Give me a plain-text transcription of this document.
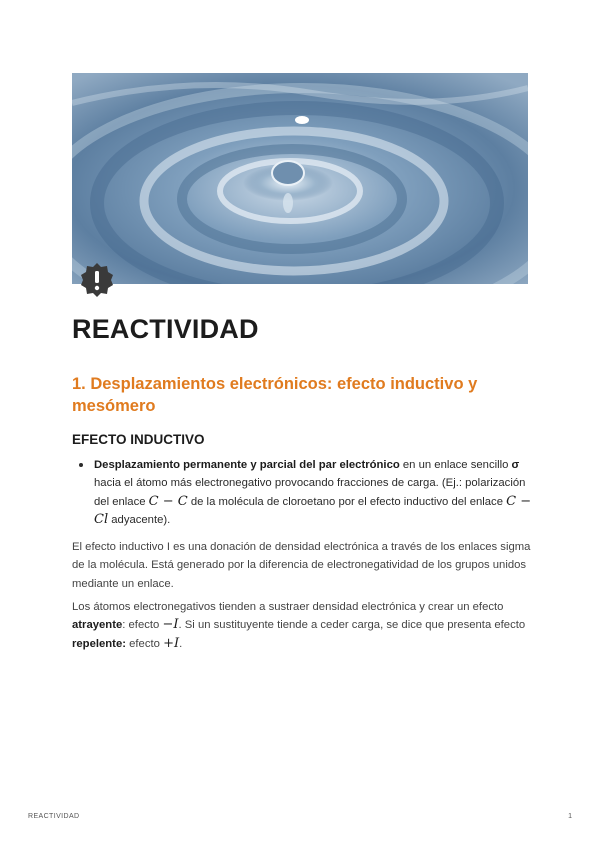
REACTIVIDAD
1. Desplazamientos electrónicos: efecto inductivo y mesómero
EFECTO INDUCTIVO
Desplazamiento permanente y parcial del par electrónico en un enlace sencillo σ hacia el átomo más electronegativo provocando fracciones de carga. (Ej.: polarización del enlace C − C de la molécula de cloroetano por el efecto inductivo del enlace C − Cl adyacente).

El efecto inductivo I es una donación de densidad electrónica a través de los enlaces sigma de la molécula. Está generado por la diferencia de electronegatividad de los grupos unidos mediante un enlace.

Los átomos electronegativos tienden a sustraer densidad electrónica y crear un efecto atrayente: efecto −I. Si un sustituyente tiende a ceder carga, se dice que presenta efecto repelente: efecto +I.

REACTIVIDAD	1
